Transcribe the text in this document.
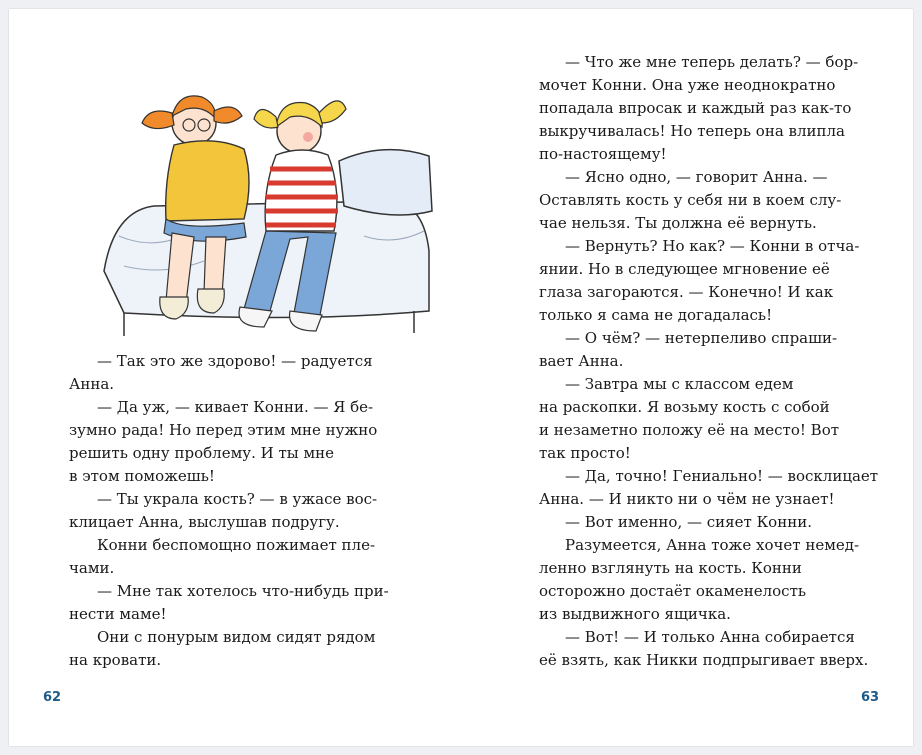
— Так это же здорово! — радуется
Анна.
— Да уж, — кивает Конни. — Я бе-
зумно рада! Но перед этим мне нужно
решить одну проблему. И ты мне
в этом поможешь!
— Ты украла кость? — в ужасе вос-
клицает Анна, выслушав подругу.
Конни беспомощно пожимает пле-
чами.
— Мне так хотелось что-нибудь при-
нести маме!
Они с понурым видом сидят рядом
на кровати.
— Что же мне теперь делать? — бор-
мочет Конни. Она уже неоднократно
попадала впросак и каждый раз как-то
выкручивалась! Но теперь она влипла
по-настоящему!
— Ясно одно, — говорит Анна. —
Оставлять кость у себя ни в коем слу-
чае нельзя. Ты должна её вернуть.
— Вернуть? Но как? — Конни в отча-
янии. Но в следующее мгновение её
глаза загораются. — Конечно! И как
только я сама не догадалась!
— О чём? — нетерпеливо спраши-
вает Анна.
— Завтра мы с классом едем
на раскопки. Я возьму кость с собой
и незаметно положу её на место! Вот
так просто!
— Да, точно! Гениально! — восклицает
Анна. — И никто ни о чём не узнает!
— Вот именно, — сияет Конни.
Разумеется, Анна тоже хочет немед-
ленно взглянуть на кость. Конни
осторожно достаёт окаменелость
из выдвижного ящичка.
— Вот! — И только Анна собирается
её взять, как Никки подпрыгивает вверх.
62	63
